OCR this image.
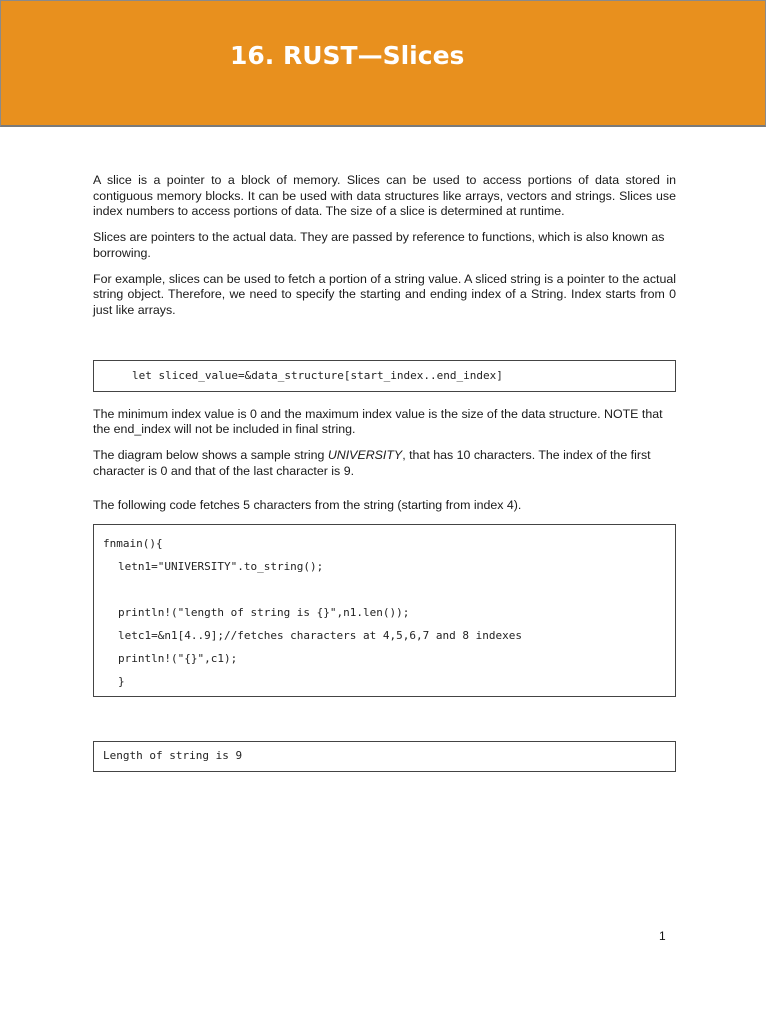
16. RUST—Slices

A slice is a pointer to a block of memory. Slices can be used to access portions of data stored in contiguous memory blocks. It can be used with data structures like arrays, vectors and strings. Slices use index numbers to access portions of data. The size of a slice is determined at runtime.

Slices are pointers to the actual data. They are passed by reference to functions, which is also known as borrowing.

For example, slices can be used to fetch a portion of a string value. A sliced string is a pointer to the actual string object. Therefore, we need to specify the starting and ending index of a String. Index starts from 0 just like arrays.

let sliced_value=&data_structure[start_index..end_index]

The minimum index value is 0 and the maximum index value is the size of the data structure. NOTE that the end_index will not be included in final string.

The diagram below shows a sample string UNIVERSITY, that has 10 characters. The index of the first character is 0 and that of the last character is 9.

The following code fetches 5 characters from the string (starting from index 4).

fnmain(){
letn1="UNIVERSITY".to_string();
println!("length of string is {}",n1.len());
letc1=&n1[4..9];//fetches characters at 4,5,6,7 and 8 indexes
println!("{}",c1);
}
Length of string is 9
1
